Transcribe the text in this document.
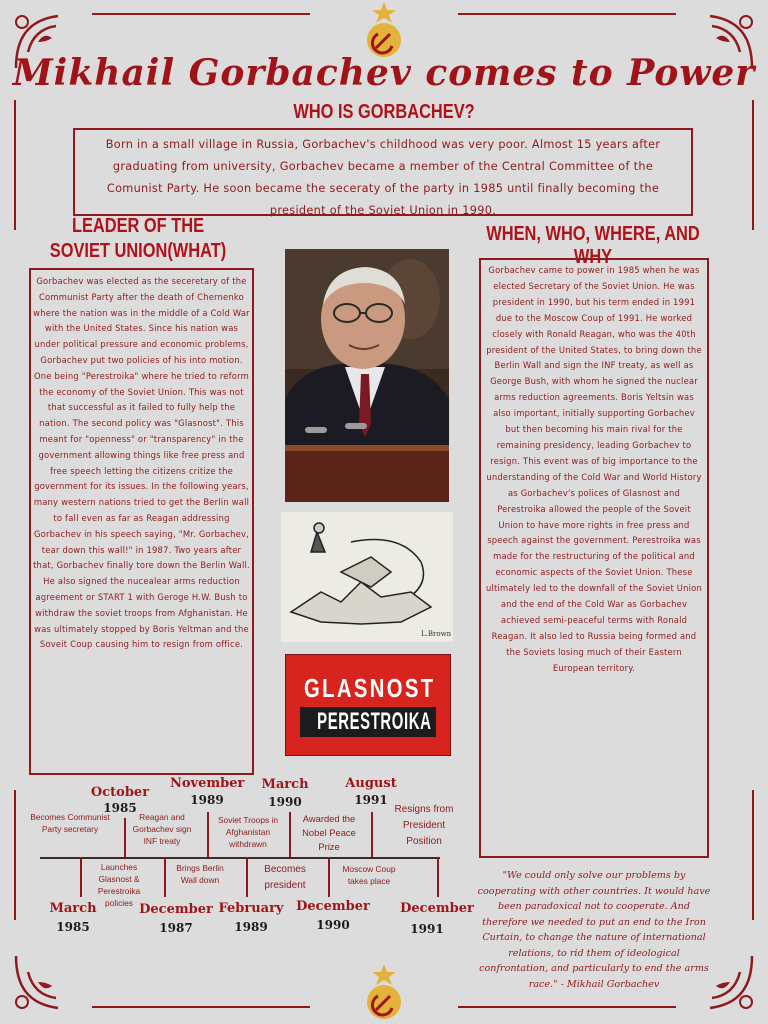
Mikhail Gorbachev comes to Power
WHO IS GORBACHEV?
Born in a small village in Russia, Gorbachev's childhood was very poor. Almost 15 years after graduating from university, Gorbachev became a member of the Central Committee of the Comunist Party. He soon became the seceraty of the party in 1985 until finally becoming the president of the Soviet Union in 1990.
LEADER OF THE
SOVIET UNION(WHAT)
Gorbachev was elected as the seceretary of the Communist Party after the death of Chernenko where the nation was in the middle of a Cold War with the United States. Since his nation was under political pressure and economic problems, Gorbachev put two policies of his into motion. One being "Perestroika" where he tried to reform the economy of the Soviet Union. This was not that successful as it failed to fully help the nation. The second policy was "Glasnost". This meant for "openness" or "transparency" in the government allowing things like free press and free speech letting the citizens critize the government for its issues. In the following years, many western nations tried to get the Berlin wall to fall even as far as Reagan addressing Gorbachev in his speech saying, "Mr. Gorbachev, tear down this wall!" in 1987. Two years after that, Gorbachev finally tore down the Berlin Wall. He also signed the nucealear arms reduction agreement or START 1 with Geroge H.W. Bush to withdraw the soviet troops from Afghanistan. He was ultimately stopped by Boris Yeltman and the Soveit Coup causing him to resign from office.
WHEN, WHO, WHERE, AND WHY
Gorbachev came to power in 1985 when he was elected Secretary of the Soviet Union. He was president in 1990, but his term ended in 1991 due to the Moscow Coup of 1991. He worked closely with Ronald Reagan, who was the 40th president of the United States, to bring down the Berlin Wall and sign the INF treaty, as well as George Bush, with whom he signed the nuclear arms reduction agreements. Boris Yeltsin was also important, initially supporting Gorbachev but then becoming his main rival for the remaining presidency, leading Gorbachev to resign. This event was of big importance to the understanding of the Cold War and World History as Gorbachev's polices of Glasnost and Perestroika allowed the people of the Soveit Union to have more rights in free press and speech against the government. Perestroika was made for the restructuring of the political and economic aspects of the Soviet Union. These ultimately led to the downfall of the Soviet Union and the end of the Cold War as Gorbachev achieved semi-peaceful terms with Ronald Reagan. It also led to Russia being formed and the Soviets losing much of their Eastern European territory.
L.Brown
GLASNOST
PERESTROIKA
"We could only solve our problems by cooperating with other countries. It would have been paradoxical not to cooperate. And therefore we needed to put an end to the Iron Curtain, to change the nature of international relations, to rid them of ideological confrontation, and particularly to end the arms race." - Mikhail Gorbachev
October
1985
Becomes Communist Party secretary
November
1989
Reagan and Gorbachev sign INF treaty
March
1990
Soviet Troops in Afghanistan withdrawn
August
1991
Awarded the Nobel Peace Prize
Resigns from President Position
March
1985
Launches Glasnost & Perestroika policies December
1987
Brings Berlin Wall down
February
1989
Becomes president
December
1990
Moscow Coup takes place
December
1991
